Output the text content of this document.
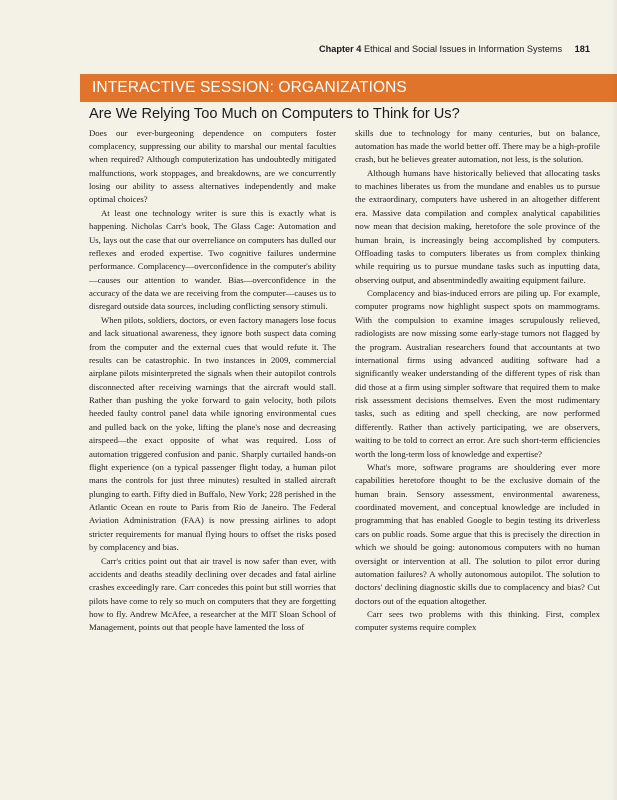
Chapter 4 Ethical and Social Issues in Information Systems 181
INTERACTIVE SESSION: ORGANIZATIONS
Are We Relying Too Much on Computers to Think for Us?

Does our ever-burgeoning dependence on computers foster complacency, suppressing our ability to marshal our mental faculties when required? Although computerization has undoubtedly mitigated malfunctions, work stoppages, and breakdowns, are we concurrently losing our ability to assess alternatives independently and make optimal choices?

At least one technology writer is sure this is exactly what is happening. Nicholas Carr's book, The Glass Cage: Automation and Us, lays out the case that our overreliance on computers has dulled our reflexes and eroded expertise. Two cognitive failures undermine performance. Complacency—overconfidence in the computer's ability—causes our attention to wander. Bias—overconfidence in the accuracy of the data we are receiving from the computer—causes us to disregard outside data sources, including conflicting sensory stimuli.

When pilots, soldiers, doctors, or even factory managers lose focus and lack situational awareness, they ignore both suspect data coming from the computer and the external cues that would refute it. The results can be catastrophic. In two instances in 2009, commercial airplane pilots misinterpreted the signals when their autopilot controls disconnected after receiving warnings that the aircraft would stall. Rather than pushing the yoke forward to gain velocity, both pilots heeded faulty control panel data while ignoring environmental cues and pulled back on the yoke, lifting the plane's nose and decreasing airspeed—the exact opposite of what was required. Loss of automation triggered confusion and panic. Sharply curtailed hands-on flight experience (on a typical passenger flight today, a human pilot mans the controls for just three minutes) resulted in stalled aircraft plunging to earth. Fifty died in Buffalo, New York; 228 perished in the Atlantic Ocean en route to Paris from Rio de Janeiro. The Federal Aviation Administration (FAA) is now pressing airlines to adopt stricter requirements for manual flying hours to offset the risks posed by complacency and bias.

Carr's critics point out that air travel is now safer than ever, with accidents and deaths steadily declining over decades and fatal airline crashes exceedingly rare. Carr concedes this point but still worries that pilots have come to rely so much on computers that they are forgetting how to fly. Andrew McAfee, a researcher at the MIT Sloan School of Management, points out that people have lamented the loss of

skills due to technology for many centuries, but on balance, automation has made the world better off. There may be a high-profile crash, but he believes greater automation, not less, is the solution.

Although humans have historically believed that allocating tasks to machines liberates us from the mundane and enables us to pursue the extraordinary, computers have ushered in an altogether different era. Massive data compilation and complex analytical capabilities now mean that decision making, heretofore the sole province of the human brain, is increasingly being accomplished by computers. Offloading tasks to computers liberates us from complex thinking while requiring us to pursue mundane tasks such as inputting data, observing output, and absentmindedly awaiting equipment failure.

Complacency and bias-induced errors are piling up. For example, computer programs now highlight suspect spots on mammograms. With the compulsion to examine images scrupulously relieved, radiologists are now missing some early-stage tumors not flagged by the program. Australian researchers found that accountants at two international firms using advanced auditing software had a significantly weaker understanding of the different types of risk than did those at a firm using simpler software that required them to make risk assessment decisions themselves. Even the most rudimentary tasks, such as editing and spell checking, are now performed differently. Rather than actively participating, we are observers, waiting to be told to correct an error. Are such short-term efficiencies worth the long-term loss of knowledge and expertise?

What's more, software programs are shouldering ever more capabilities heretofore thought to be the exclusive domain of the human brain. Sensory assessment, environmental awareness, coordinated movement, and conceptual knowledge are included in programming that has enabled Google to begin testing its driverless cars on public roads. Some argue that this is precisely the direction in which we should be going: autonomous computers with no human oversight or intervention at all. The solution to pilot error during automation failures? A wholly autonomous autopilot. The solution to doctors' declining diagnostic skills due to complacency and bias? Cut doctors out of the equation altogether.

Carr sees two problems with this thinking. First, complex computer systems require complex
